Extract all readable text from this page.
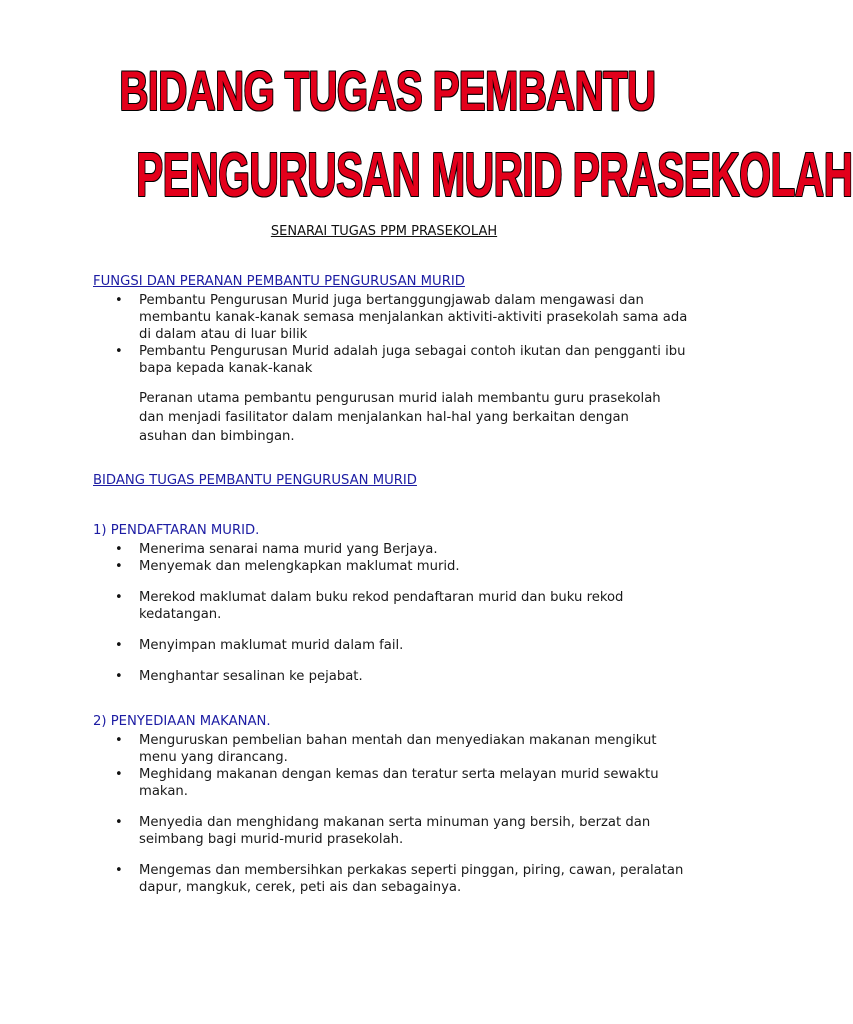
BIDANG TUGAS PEMBANTU
PENGURUSAN MURID PRASEKOLAH
SENARAI TUGAS PPM PRASEKOLAH
FUNGSI DAN PERANAN PEMBANTU PENGURUSAN MURID
• Pembantu Pengurusan Murid juga bertanggungjawab dalam mengawasi dan membantu kanak-kanak semasa menjalankan aktiviti-aktiviti prasekolah sama ada di dalam atau di luar bilik
• Pembantu Pengurusan Murid adalah juga sebagai contoh ikutan dan pengganti ibu bapa kepada kanak-kanak
Peranan utama pembantu pengurusan murid ialah membantu guru prasekolah dan menjadi fasilitator dalam menjalankan hal-hal yang berkaitan dengan asuhan dan bimbingan.
BIDANG TUGAS PEMBANTU PENGURUSAN MURID
1) PENDAFTARAN MURID.
• Menerima senarai nama murid yang Berjaya.
• Menyemak dan melengkapkan maklumat murid.
• Merekod maklumat dalam buku rekod pendaftaran murid dan buku rekod kedatangan.
• Menyimpan maklumat murid dalam fail.
• Menghantar sesalinan ke pejabat.
2) PENYEDIAAN MAKANAN.
• Menguruskan pembelian bahan mentah dan menyediakan makanan mengikut menu yang dirancang.
• Meghidang makanan dengan kemas dan teratur serta melayan murid sewaktu makan.
• Menyedia dan menghidang makanan serta minuman yang bersih, berzat dan seimbang bagi murid-murid prasekolah.
• Mengemas dan membersihkan perkakas seperti pinggan, piring, cawan, peralatan dapur, mangkuk, cerek, peti ais dan sebagainya.
